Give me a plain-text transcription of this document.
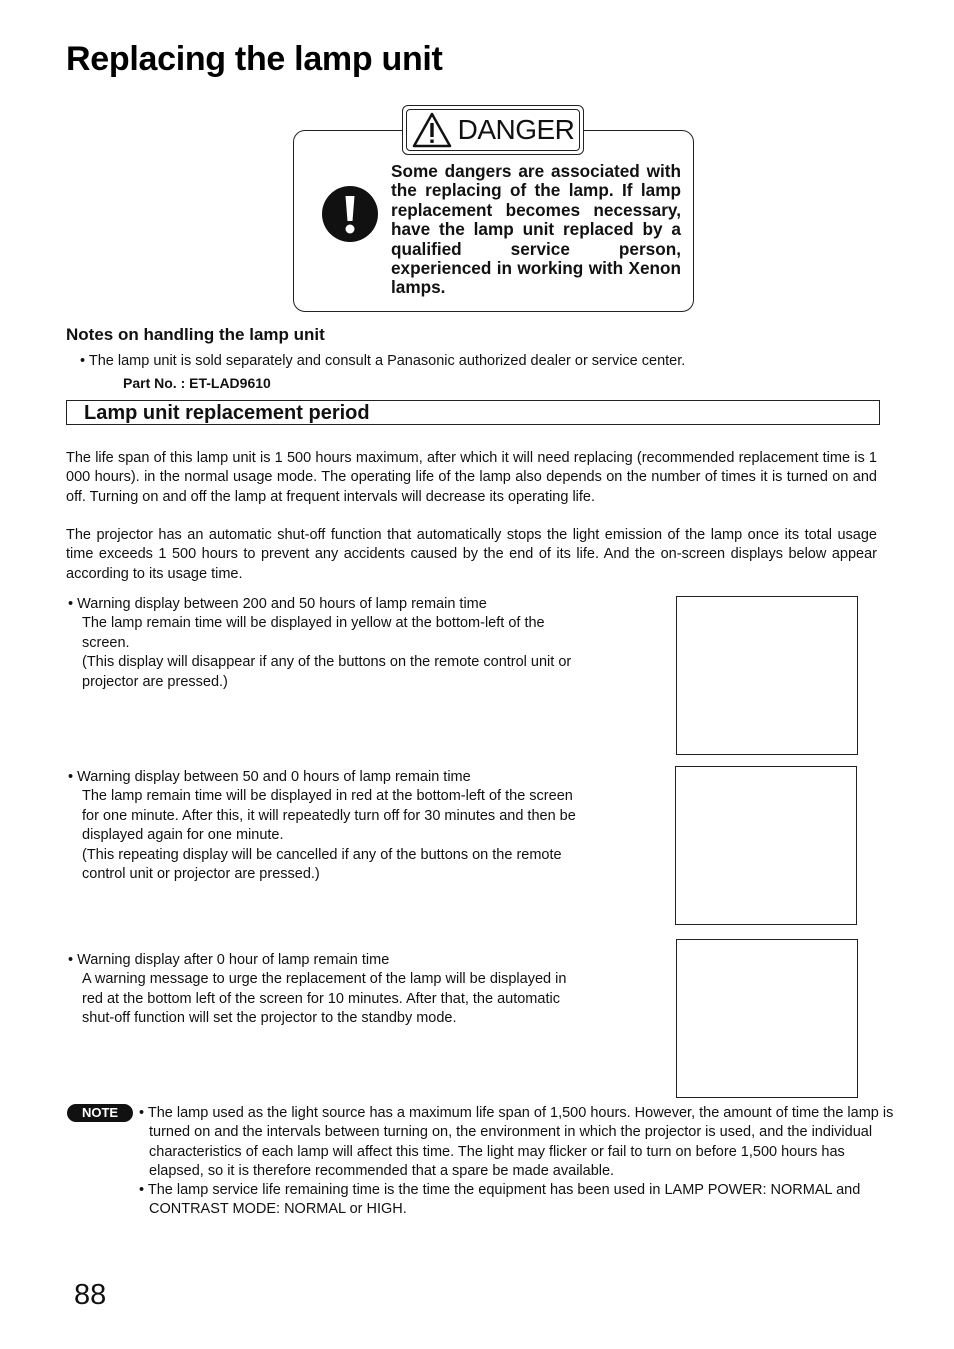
Replacing the lamp unit
DANGER
Some dangers are associated with the replacing of the lamp. If lamp replacement becomes necessary, have the lamp unit replaced by a qualified service person, experienced in working with Xenon lamps.
Notes on handling the lamp unit
• The lamp unit is sold separately and consult a Panasonic authorized dealer or service center.
Part No. : ET-LAD9610
Lamp unit replacement period
The life span of this lamp unit is 1 500 hours maximum, after which it will need replacing (recommended replacement time is 1 000 hours). in the normal usage mode. The operating life of the lamp also depends on the number of times it is turned on and off. Turning on and off the lamp at frequent intervals will decrease its operating life.
The projector has an automatic shut-off function that automatically stops the light emission of the lamp once its total usage time exceeds 1 500 hours to prevent any accidents caused by the end of its life. And the on-screen displays below appear according to its usage time.
• Warning display between 200 and 50 hours of lamp remain time
The lamp remain time will be displayed in yellow at the bottom-left of the screen.
(This display will disappear if any of the buttons on the remote control unit or projector are pressed.)
• Warning display between 50 and 0 hours of lamp remain time
The lamp remain time will be displayed in red at the bottom-left of the screen for one minute. After this, it will repeatedly turn off for 30 minutes and then be displayed again for one minute.
(This repeating display will be cancelled if any of the buttons on the remote control unit or projector are pressed.)
• Warning display after 0 hour of lamp remain time
A warning message to urge the replacement of the lamp will be displayed in red at the bottom left of the screen for 10 minutes. After that, the automatic shut-off function will set the projector to the standby mode.
NOTE	• The lamp used as the light source has a maximum life span of 1,500 hours. However, the amount of time the lamp is turned on and the intervals between turning on, the environment in which the projector is used, and the individual characteristics of each lamp will affect this time. The light may flicker or fail to turn on before 1,500 hours has elapsed, so it is therefore recommended that a spare be made available.
• The lamp service life remaining time is the time the equipment has been used in LAMP POWER: NORMAL and CONTRAST MODE: NORMAL or HIGH.
88
